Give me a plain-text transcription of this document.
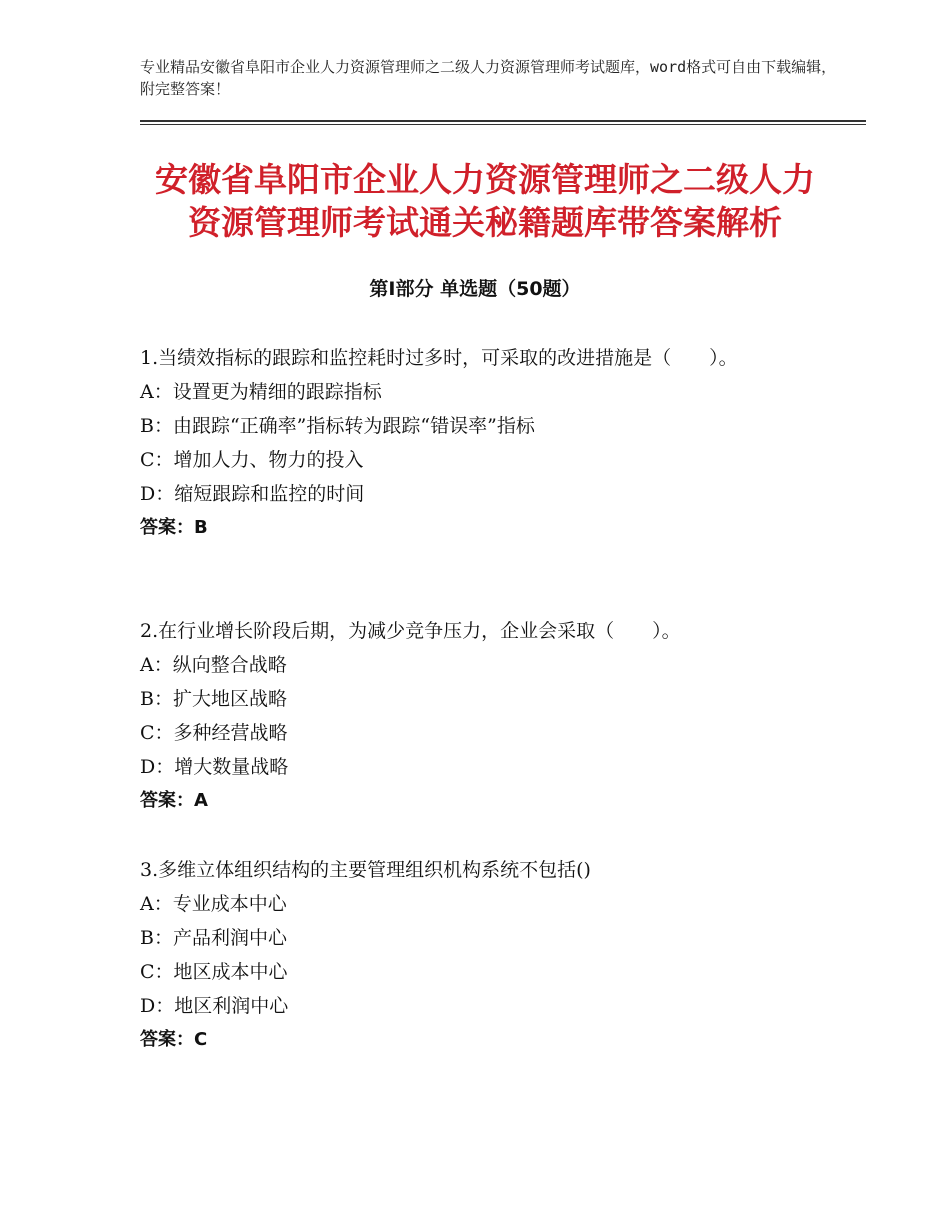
专业精品安徽省阜阳市企业人力资源管理师之二级人力资源管理师考试题库，word格式可自由下载编辑，附完整答案！
安徽省阜阳市企业人力资源管理师之二级人力资源管理师考试通关秘籍题库带答案解析
第Ⅰ部分 单选题（50题）

1.当绩效指标的跟踪和监控耗时过多时，可采取的改进措施是（　　）。

A：设置更为精细的跟踪指标

B：由跟踪“正确率”指标转为跟踪“错误率”指标

C：增加人力、物力的投入

D：缩短跟踪和监控的时间

答案：B

2.在行业增长阶段后期，为减少竞争压力，企业会采取（　　）。

A：纵向整合战略

B：扩大地区战略

C：多种经营战略

D：增大数量战略

答案：A

3.多维立体组织结构的主要管理组织机构系统不包括()

A：专业成本中心

B：产品利润中心

C：地区成本中心

D：地区利润中心

答案：C
